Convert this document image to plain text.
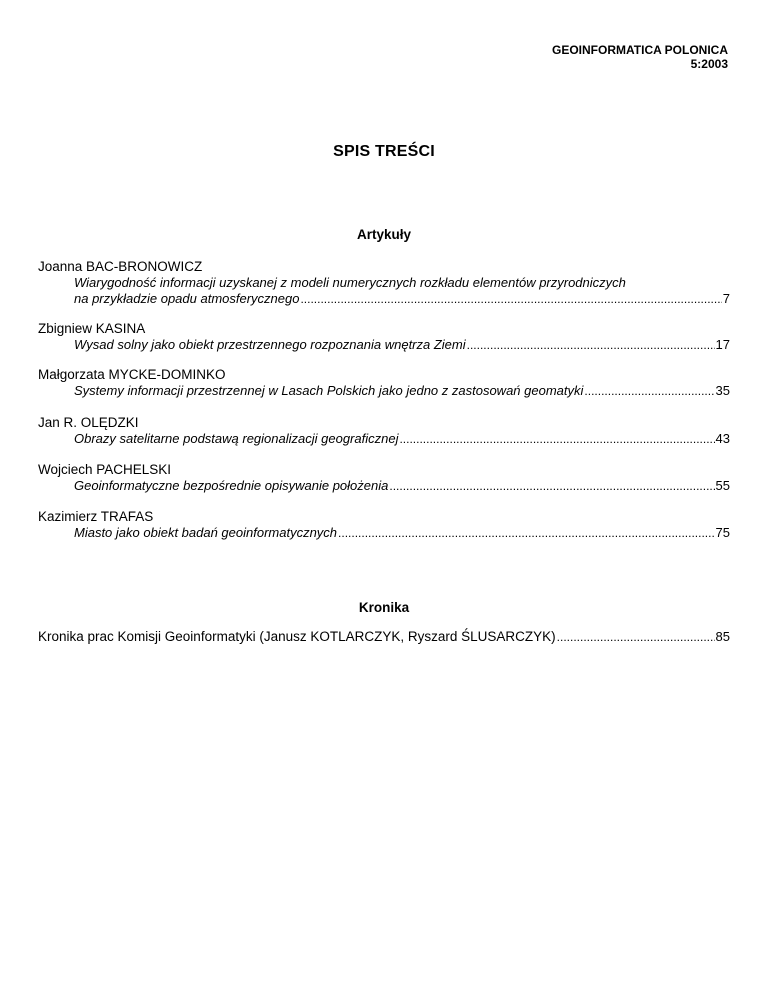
GEOINFORMATICA POLONICA
5:2003
SPIS TREŚCI
Artykuły
Joanna BAC-BRONOWICZ
Wiarygodność informacji uzyskanej z modeli numerycznych rozkładu elementów przyrodniczych
na przykładzie opadu atmosferycznego .....	7
Zbigniew KASINA
Wysad solny jako obiekt przestrzennego rozpoznania wnętrza Ziemi .....	17
Małgorzata MYCKE-DOMINKO
Systemy informacji przestrzennej w Lasach Polskich jako jedno z zastosowań geomatyki .....	35
Jan R. OLĘDZKI
Obrazy satelitarne podstawą regionalizacji geograficznej .....	43
Wojciech PACHELSKI
Geoinformatyczne bezpośrednie opisywanie położenia .....	55
Kazimierz TRAFAS
Miasto jako obiekt badań geoinformatycznych .....	75
Kronika
Kronika prac Komisji Geoinformatyki (Janusz KOTLARCZYK, Ryszard ŚLUSARCZYK) .....	85
